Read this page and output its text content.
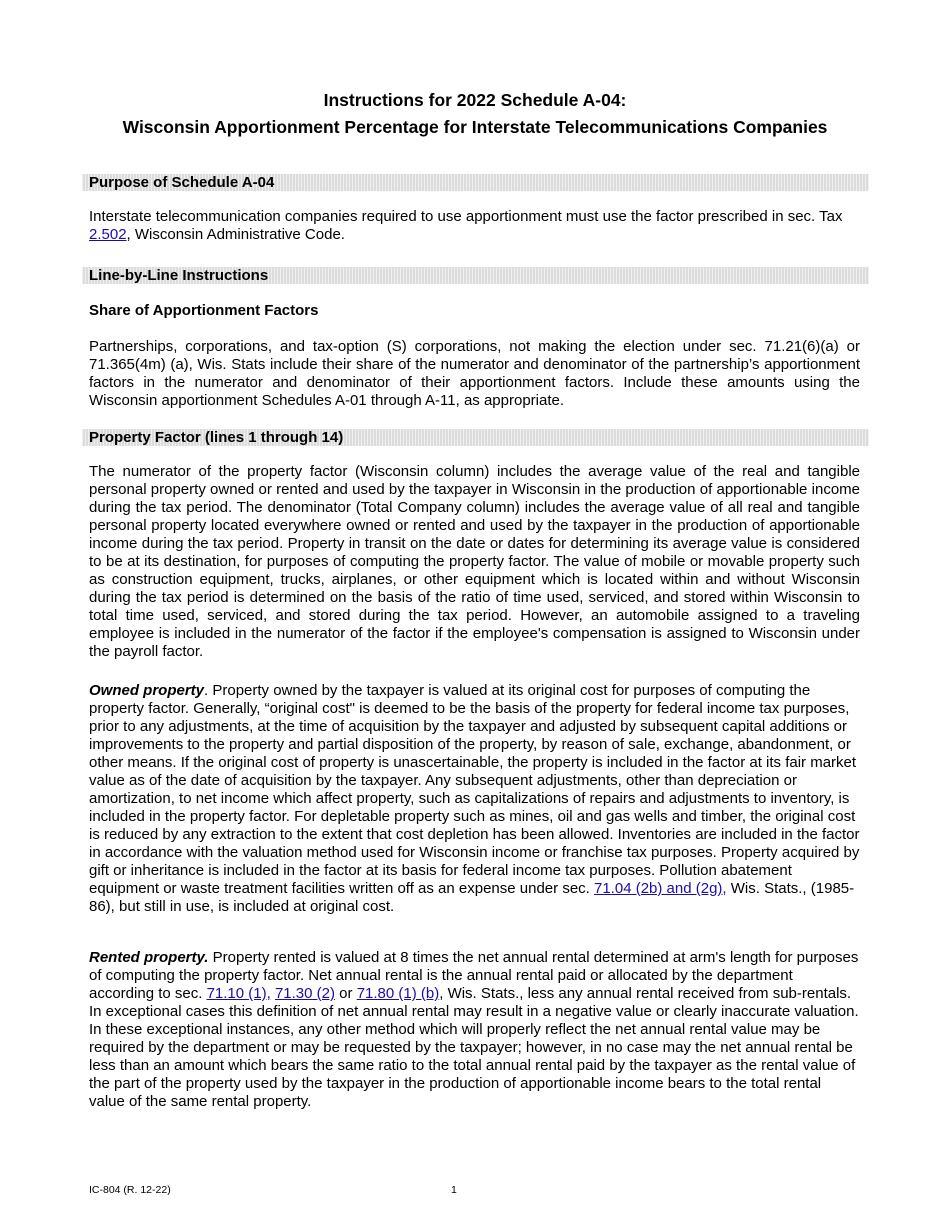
Instructions for 2022 Schedule A-04:
Wisconsin Apportionment Percentage for Interstate Telecommunications Companies
Purpose of Schedule A-04

Interstate telecommunication companies required to use apportionment must use the factor prescribed in sec. Tax 2.502, Wisconsin Administrative Code.

Line-by-Line Instructions
Share of Apportionment Factors

Partnerships, corporations, and tax-option (S) corporations, not making the election under sec. 71.21(6)(a) or 71.365(4m) (a), Wis. Stats include their share of the numerator and denominator of the partnership’s apportionment factors in the numerator and denominator of their apportionment factors. Include these amounts using the Wisconsin apportionment Schedules A-01 through A-11, as appropriate.

Property Factor (lines 1 through 14)

The numerator of the property factor (Wisconsin column) includes the average value of the real and tangible personal property owned or rented and used by the taxpayer in Wisconsin in the production of apportionable income during the tax period. The denominator (Total Company column) includes the average value of all real and tangible personal property located everywhere owned or rented and used by the taxpayer in the production of apportionable income during the tax period. Property in transit on the date or dates for determining its average value is considered to be at its destination, for purposes of computing the property factor. The value of mobile or movable property such as construction equipment, trucks, airplanes, or other equipment which is located within and without Wisconsin during the tax period is determined on the basis of the ratio of time used, serviced, and stored within Wisconsin to total time used, serviced, and stored during the tax period. However, an automobile assigned to a traveling employee is included in the numerator of the factor if the employee's compensation is assigned to Wisconsin under the payroll factor.

Owned property. Property owned by the taxpayer is valued at its original cost for purposes of computing the property factor. Generally, “original cost" is deemed to be the basis of the property for federal income tax purposes, prior to any adjustments, at the time of acquisition by the taxpayer and adjusted by subsequent capital additions or improvements to the property and partial disposition of the property, by reason of sale, exchange, abandonment, or other means. If the original cost of property is unascertainable, the property is included in the factor at its fair market value as of the date of acquisition by the taxpayer. Any subsequent adjustments, other than depreciation or amortization, to net income which affect property, such as capitalizations of repairs and adjustments to inventory, is included in the property factor. For depletable property such as mines, oil and gas wells and timber, the original cost is reduced by any extraction to the extent that cost depletion has been allowed. Inventories are included in the factor in accordance with the valuation method used for Wisconsin income or franchise tax purposes. Property acquired by gift or inheritance is included in the factor at its basis for federal income tax purposes. Pollution abatement equipment or waste treatment facilities written off as an expense under sec. 71.04 (2b) and (2g), Wis. Stats., (1985-86), but still in use, is included at original cost.

Rented property. Property rented is valued at 8 times the net annual rental determined at arm's length for purposes of computing the property factor. Net annual rental is the annual rental paid or allocated by the department according to sec. 71.10 (1), 71.30 (2) or 71.80 (1) (b), Wis. Stats., less any annual rental received from sub-rentals. In exceptional cases this definition of net annual rental may result in a negative value or clearly inaccurate valuation. In these exceptional instances, any other method which will properly reflect the net annual rental value may be required by the department or may be requested by the taxpayer; however, in no case may the net annual rental be less than an amount which bears the same ratio to the total annual rental paid by the taxpayer as the rental value of the part of the property used by the taxpayer in the production of apportionable income bears to the total rental value of the same rental property.

IC-804 (R. 12-22)	1
